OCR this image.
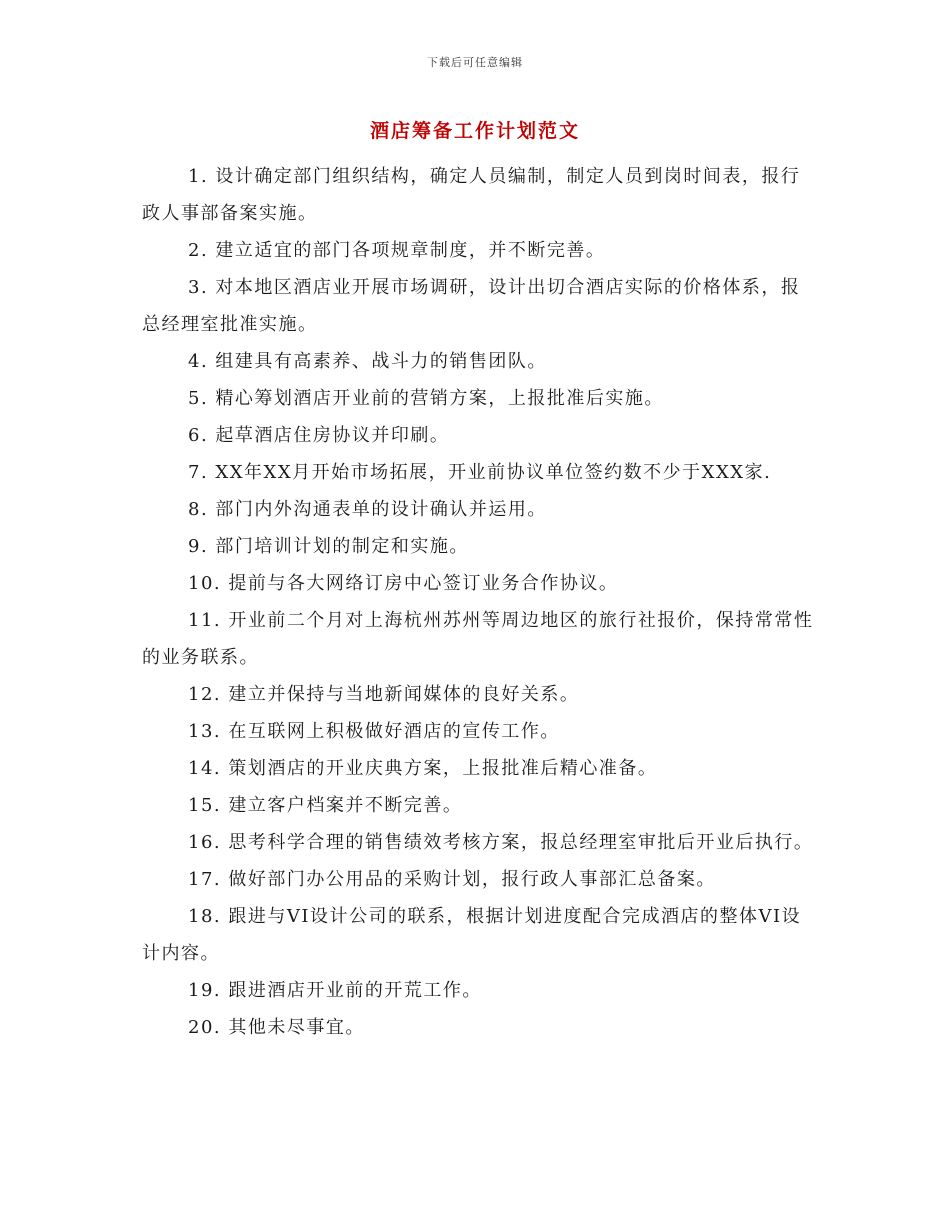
下载后可任意编辑
酒店筹备工作计划范文

1. 设计确定部门组织结构，确定人员编制，制定人员到岗时间表，报行政人事部备案实施。

2. 建立适宜的部门各项规章制度，并不断完善。

3. 对本地区酒店业开展市场调研，设计出切合酒店实际的价格体系，报总经理室批准实施。

4. 组建具有高素养、战斗力的销售团队。

5. 精心筹划酒店开业前的营销方案，上报批准后实施。

6. 起草酒店住房协议并印刷。

7. XX年XX月开始市场拓展，开业前协议单位签约数不少于XXX家.

8. 部门内外沟通表单的设计确认并运用。

9. 部门培训计划的制定和实施。

10. 提前与各大网络订房中心签订业务合作协议。

11. 开业前二个月对上海杭州苏州等周边地区的旅行社报价，保持常常性的业务联系。

12. 建立并保持与当地新闻媒体的良好关系。

13. 在互联网上积极做好酒店的宣传工作。

14. 策划酒店的开业庆典方案，上报批准后精心准备。

15. 建立客户档案并不断完善。

16. 思考科学合理的销售绩效考核方案，报总经理室审批后开业后执行。

17. 做好部门办公用品的采购计划，报行政人事部汇总备案。

18. 跟进与VI设计公司的联系，根据计划进度配合完成酒店的整体VI设计内容。

19. 跟进酒店开业前的开荒工作。

20. 其他未尽事宜。
